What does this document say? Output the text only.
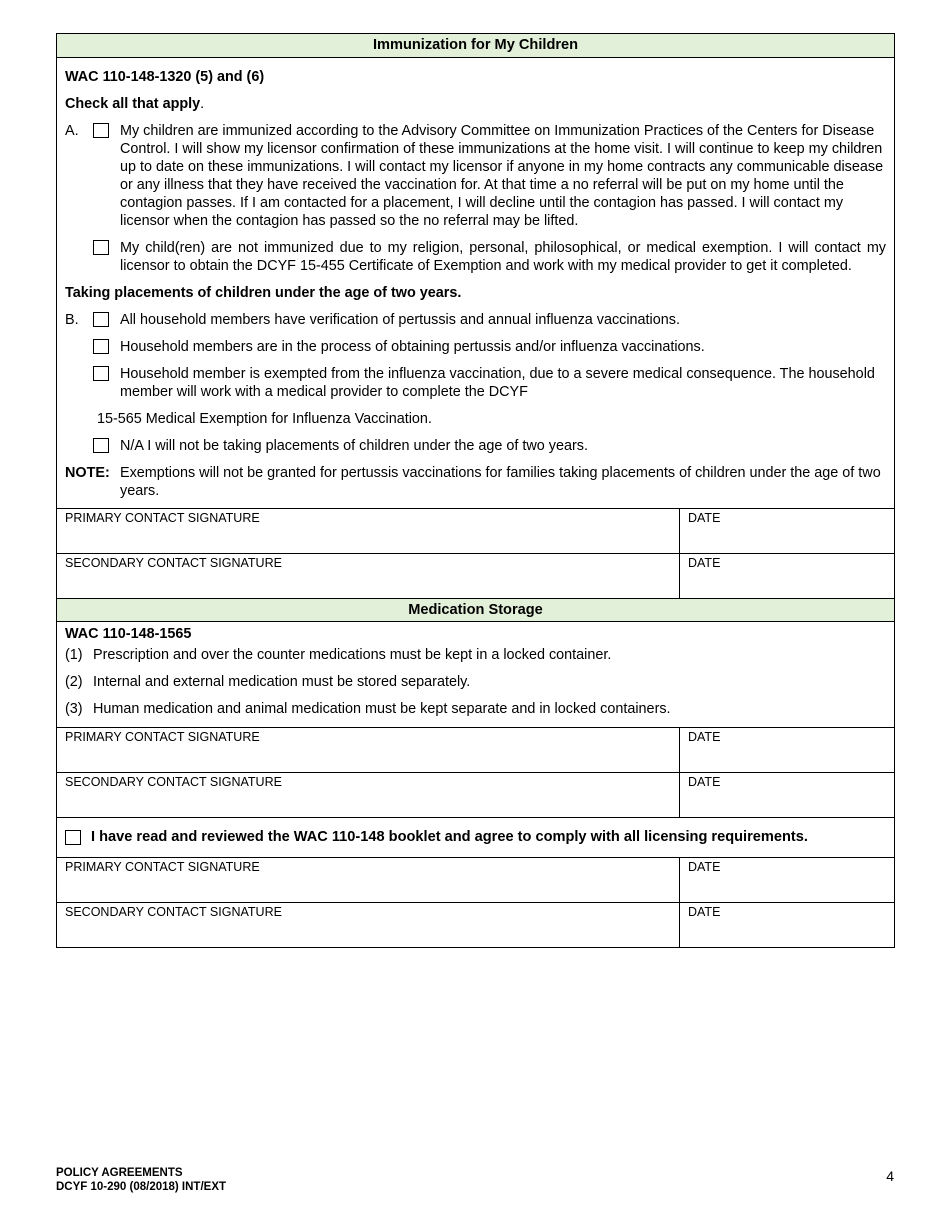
Immunization for My Children
WAC 110-148-1320 (5) and (6)
Check all that apply.
A.	My children are immunized according to the Advisory Committee on Immunization Practices of the Centers for Disease Control. I will show my licensor confirmation of these immunizations at the home visit. I will continue to keep my children up to date on these immunizations. I will contact my licensor if anyone in my home contracts any communicable disease or any illness that they have received the vaccination for. At that time a no referral will be put on my home until the contagion passes. If I am contacted for a placement, I will decline until the contagion has passed. I will contact my licensor when the contagion has passed so the no referral may be lifted.
My child(ren) are not immunized due to my religion, personal, philosophical, or medical exemption. I will contact my licensor to obtain the DCYF 15-455 Certificate of Exemption and work with my medical provider to get it completed.
Taking placements of children under the age of two years.
B.	All household members have verification of pertussis and annual influenza vaccinations.
Household members are in the process of obtaining pertussis and/or influenza vaccinations.
Household member is exempted from the influenza vaccination, due to a severe medical consequence. The household member will work with a medical provider to complete the DCYF
15-565 Medical Exemption for Influenza Vaccination.
N/A I will not be taking placements of children under the age of two years.
NOTE: Exemptions will not be granted for pertussis vaccinations for families taking placements of children under the age of two years.
PRIMARY CONTACT SIGNATURE	DATE
SECONDARY CONTACT SIGNATURE	DATE
Medication Storage
WAC 110-148-1565
(1) Prescription and over the counter medications must be kept in a locked container.
(2) Internal and external medication must be stored separately.
(3) Human medication and animal medication must be kept separate and in locked containers.
PRIMARY CONTACT SIGNATURE	DATE
SECONDARY CONTACT SIGNATURE	DATE
I have read and reviewed the WAC 110-148 booklet and agree to comply with all licensing requirements.
PRIMARY CONTACT SIGNATURE	DATE
SECONDARY CONTACT SIGNATURE	DATE
POLICY AGREEMENTS
DCYF 10-290 (08/2018) INT/EXT
4
